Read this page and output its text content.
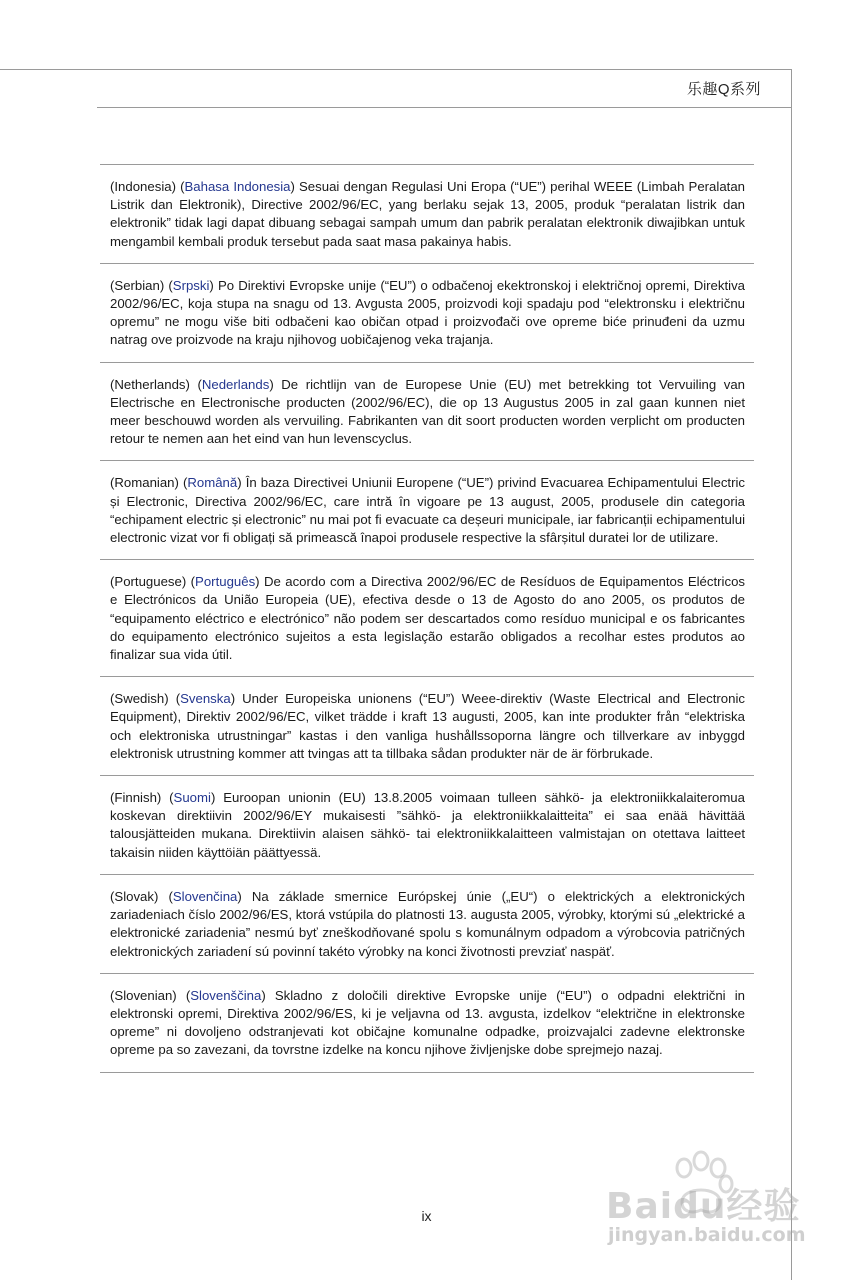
乐趣Q系列
(Indonesia) (Bahasa Indonesia) Sesuai dengan Regulasi Uni Eropa (“UE”) perihal WEEE (Limbah Peralatan Listrik dan Elektronik), Directive 2002/96/EC, yang berlaku sejak 13, 2005, produk “peralatan listrik dan elektronik” tidak lagi dapat dibuang sebagai sampah umum dan pabrik peralatan elektronik diwajibkan untuk mengambil kembali produk tersebut pada saat masa pakainya habis.
(Serbian) (Srpski) Po Direktivi Evropske unije (“EU”) o odbačenoj ekektronskoj i električnoj opremi, Direktiva 2002/96/EC, koja stupa na snagu od 13. Avgusta 2005, proizvodi koji spadaju pod “elektronsku i električnu opremu” ne mogu više biti odbačeni kao običan otpad i proizvođači ove opreme biće prinuđeni da uzmu natrag ove proizvode na kraju njihovog uobičajenog veka trajanja.
(Netherlands) (Nederlands) De richtlijn van de Europese Unie (EU) met betrekking tot Vervuiling van Electrische en Electronische producten (2002/96/EC), die op 13 Augustus 2005 in zal gaan kunnen niet meer beschouwd worden als vervuiling. Fabrikanten van dit soort producten worden verplicht om producten retour te nemen aan het eind van hun levenscyclus.
(Romanian) (Română) În baza Directivei Uniunii Europene (“UE”) privind Evacuarea Echipamentului Electric și Electronic, Directiva 2002/96/EC, care intră în vigoare pe 13 august, 2005, produsele din categoria “echipament electric și electronic” nu mai pot fi evacuate ca deșeuri municipale, iar fabricanții echipamentului electronic vizat vor fi obligați să primească înapoi produsele respective la sfârșitul duratei lor de utilizare.
(Portuguese) (Português) De acordo com a Directiva 2002/96/EC de Resíduos de Equipamentos Eléctricos e Electrónicos da União Europeia (UE), efectiva desde o 13 de Agosto do ano 2005, os produtos de “equipamento eléctrico e electrónico” não podem ser descartados como resíduo municipal e os fabricantes do equipamento electrónico sujeitos a esta legislação estarão obligados a recolhar estes produtos ao finalizar sua vida útil.
(Swedish) (Svenska) Under Europeiska unionens (“EU”) Weee-direktiv (Waste Electrical and Electronic Equipment), Direktiv 2002/96/EC, vilket trädde i kraft 13 augusti, 2005, kan inte produkter från “elektriska och elektroniska utrustningar” kastas i den vanliga hushållssoporna längre och tillverkare av inbyggd elektronisk utrustning kommer att tvingas att ta tillbaka sådan produkter när de är förbrukade.
(Finnish) (Suomi) Euroopan unionin (EU) 13.8.2005 voimaan tulleen sähkö- ja elektroniikkalaiteromua koskevan direktiivin 2002/96/EY mukaisesti ”sähkö- ja elektroniikkalaitteita” ei saa enää hävittää talousjätteiden mukana. Direktiivin alaisen sähkö- tai elektroniikkalaitteen valmistajan on otettava laitteet takaisin niiden käyttöiän päättyessä.
(Slovak) (Slovenčina) Na základe smernice Európskej únie („EU“) o elektrických a elektronických zariadeniach číslo 2002/96/ES, ktorá vstúpila do platnosti 13. augusta 2005, výrobky, ktorými sú „elektrické a elektronické zariadenia” nesmú byť zneškodňované spolu s komunálnym odpadom a výrobcovia patričných elektronických zariadení sú povinní takéto výrobky na konci životnosti prevziať naspäť.
(Slovenian) (Slovenščina) Skladno z določili direktive Evropske unije (“EU”) o odpadni električni in elektronski opremi, Direktiva 2002/96/ES, ki je veljavna od 13. avgusta, izdelkov “električne in elektronske opreme” ni dovoljeno odstranjevati kot običajne komunalne odpadke, proizvajalci zadevne elektronske opreme pa so zavezani, da tovrstne izdelke na koncu njihove življenjske dobe sprejmejo nazaj.
ix	Baidu经验
jingyan.baidu.com
